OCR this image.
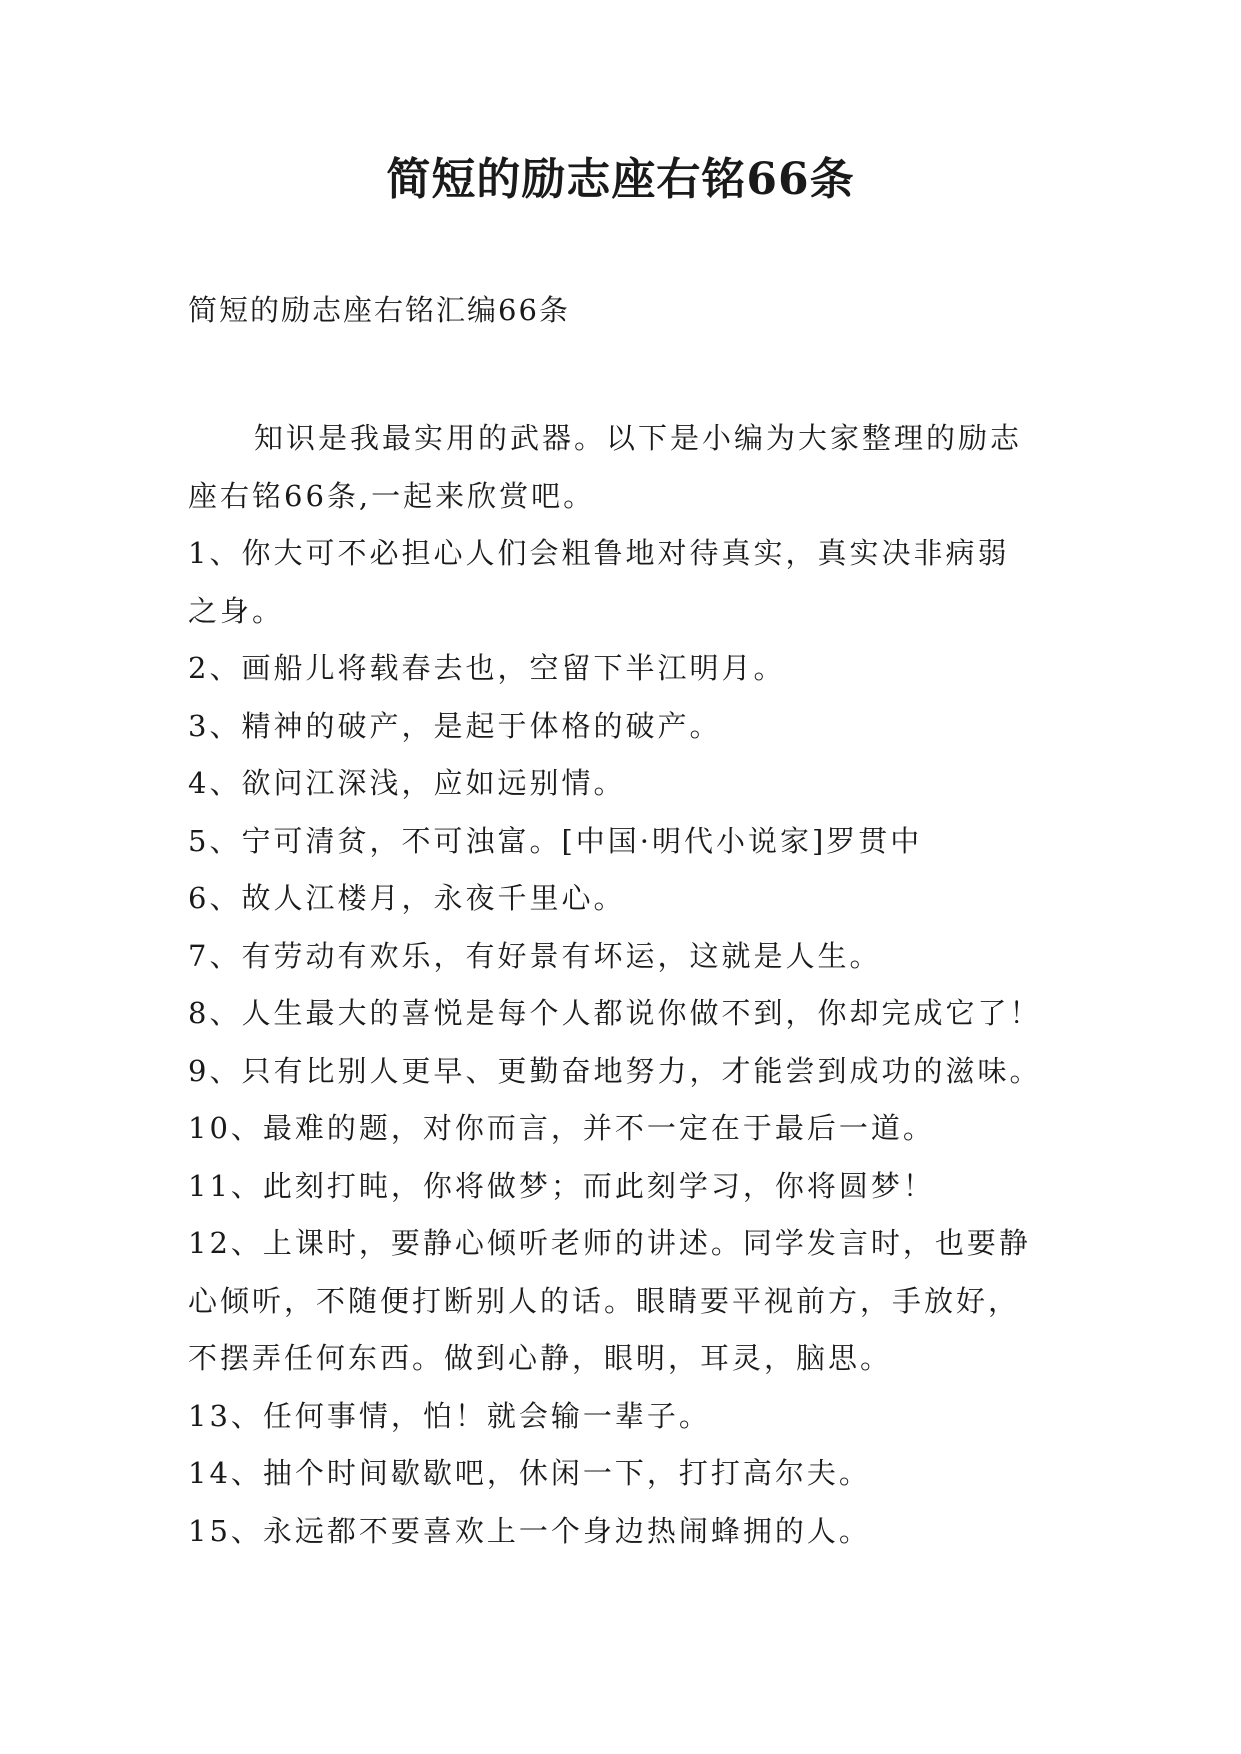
简短的励志座右铭66条
简短的励志座右铭汇编66条

知识是我最实用的武器。以下是小编为大家整理的励志
座右铭66条,一起来欣赏吧。

1、你大可不必担心人们会粗鲁地对待真实，真实决非病弱
之身。

2、画船儿将载春去也，空留下半江明月。

3、精神的破产，是起于体格的破产。

4、欲问江深浅，应如远别情。

5、宁可清贫，不可浊富。[中国·明代小说家]罗贯中

6、故人江楼月，永夜千里心。

7、有劳动有欢乐，有好景有坏运，这就是人生。

8、人生最大的喜悦是每个人都说你做不到，你却完成它了！

9、只有比别人更早、更勤奋地努力，才能尝到成功的滋味。

10、最难的题，对你而言，并不一定在于最后一道。

11、此刻打盹，你将做梦；而此刻学习，你将圆梦！

12、上课时，要静心倾听老师的讲述。同学发言时，也要静
心倾听，不随便打断别人的话。眼睛要平视前方，手放好，
不摆弄任何东西。做到心静，眼明，耳灵，脑思。

13、任何事情，怕！就会输一辈子。

14、抽个时间歇歇吧，休闲一下，打打高尔夫。

15、永远都不要喜欢上一个身边热闹蜂拥的人。
